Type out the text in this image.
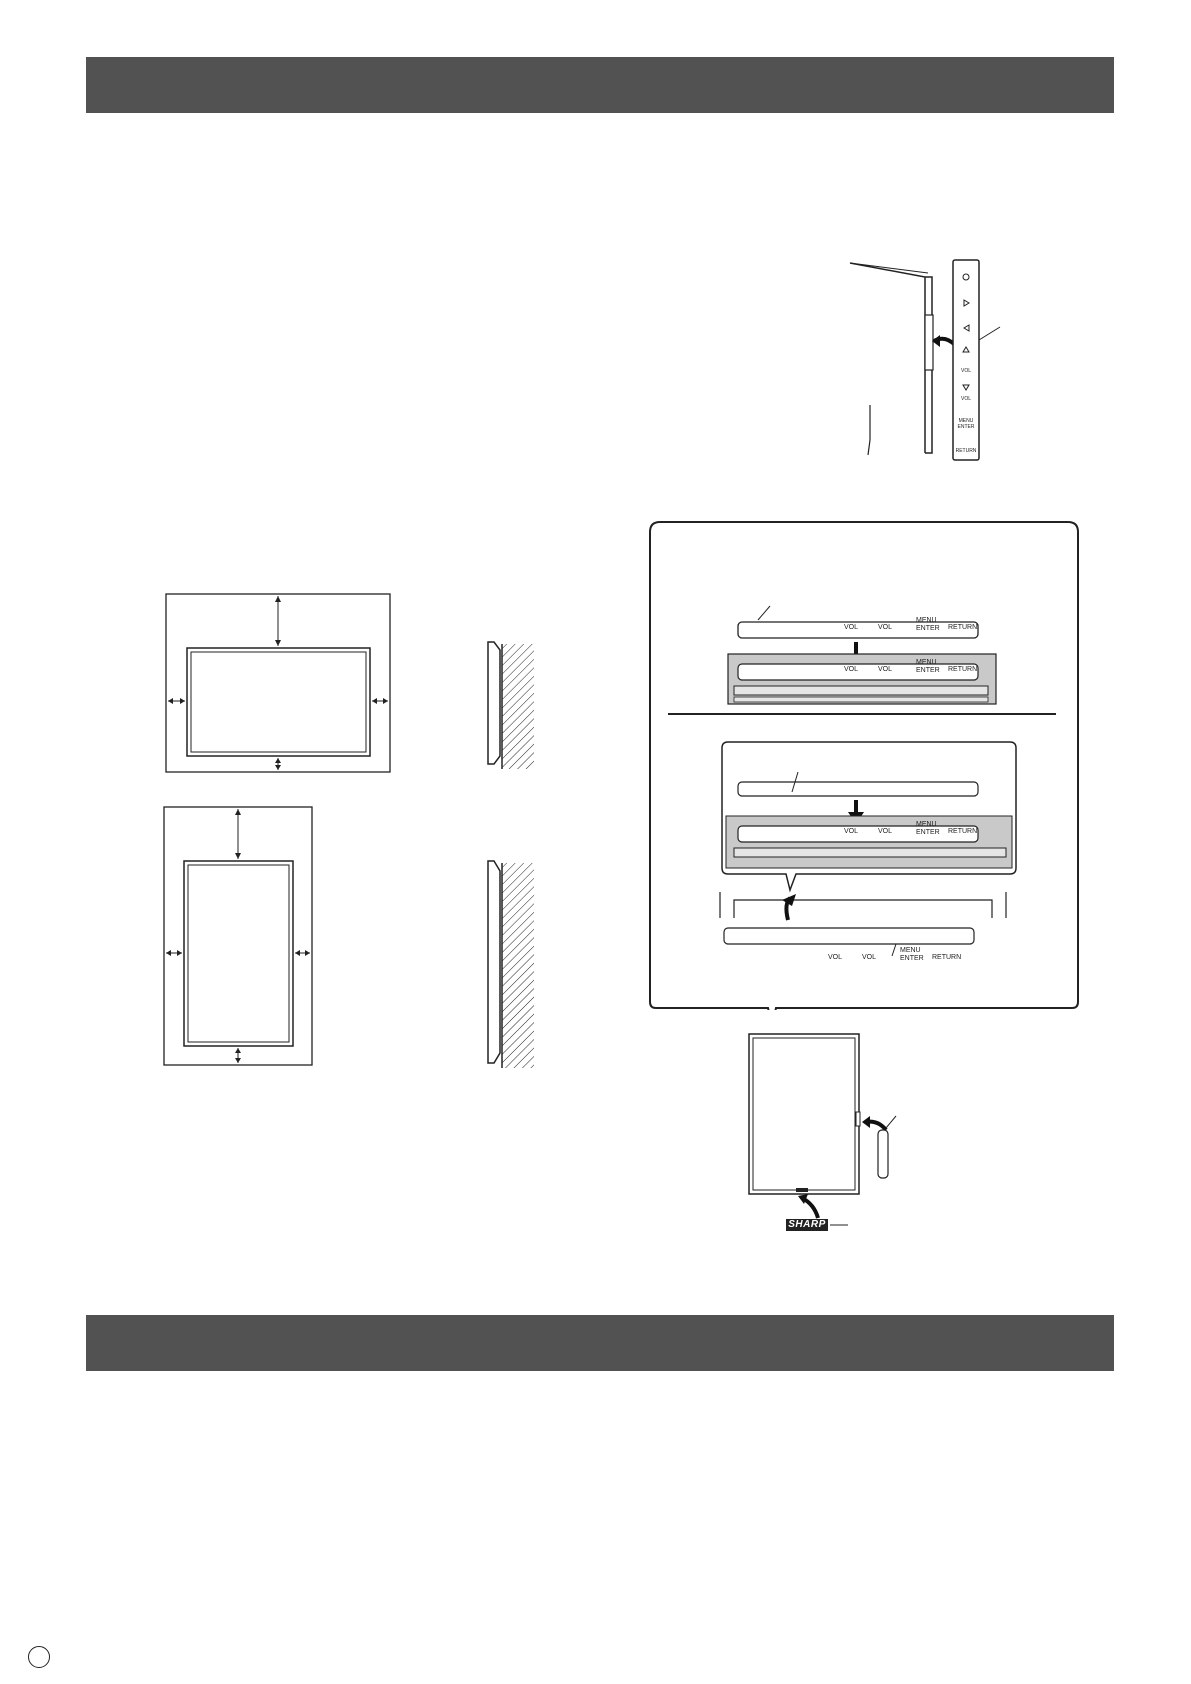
VOL
VOL
MENU
ENTER
RETURN
VOL	VOL
MENU
ENTER RETURN
VOL	VOL
MENU
ENTER RETURN
VOL	VOL
MENU
ENTER RETURN
VOL	VOL
MENU
ENTER RETURN
SHARP
